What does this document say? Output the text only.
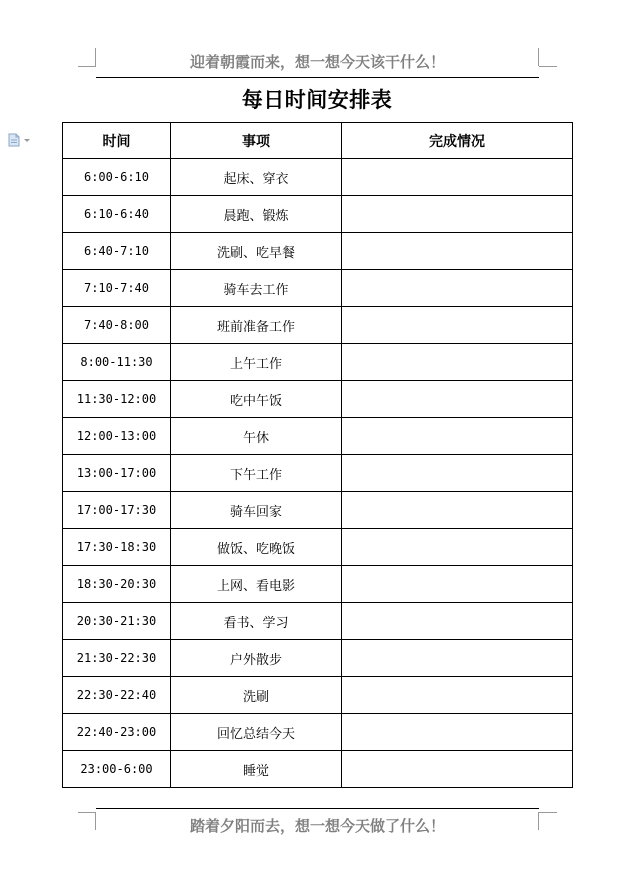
迎着朝霞而来，想一想今天该干什么！
每日时间安排表
时间	事项	完成情况
6:00-6:10	起床、穿衣	
6:10-6:40	晨跑、锻炼	
6:40-7:10	洗刷、吃早餐	
7:10-7:40	骑车去工作	
7:40-8:00	班前准备工作	
8:00-11:30	上午工作	
11:30-12:00	吃中午饭	
12:00-13:00	午休	
13:00-17:00	下午工作	
17:00-17:30	骑车回家	
17:30-18:30	做饭、吃晚饭	
18:30-20:30	上网、看电影	
20:30-21:30	看书、学习	
21:30-22:30	户外散步	
22:30-22:40	洗刷	
22:40-23:00	回忆总结今天	
23:00-6:00	睡觉	
踏着夕阳而去，想一想今天做了什么！
